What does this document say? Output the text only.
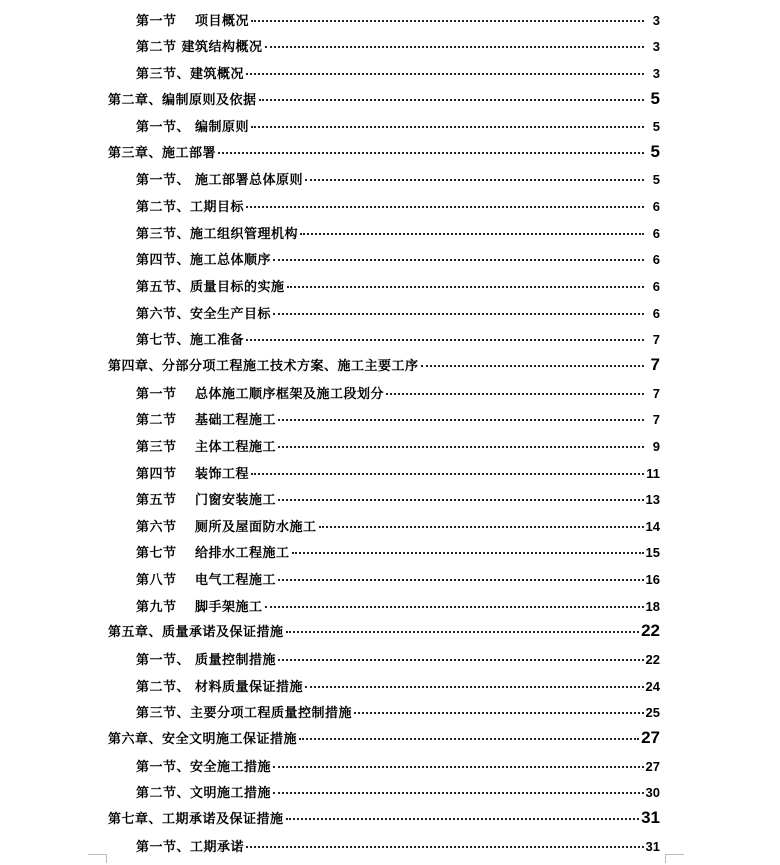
第一节　 项目概况	3
第二节 建筑结构概况	3
第三节、建筑概况	3
第二章、编制原则及依据	5
第一节、 编制原则	5
第三章、施工部署	5
第一节、 施工部署总体原则	5
第二节、工期目标	6
第三节、施工组织管理机构	6
第四节、施工总体顺序	6
第五节、质量目标的实施	6
第六节、安全生产目标	6
第七节、施工准备	7
第四章、分部分项工程施工技术方案、施工主要工序	7
第一节　 总体施工顺序框架及施工段划分	7
第二节　 基础工程施工	7
第三节　 主体工程施工	9
第四节　 装饰工程	11
第五节　 门窗安装施工	13
第六节　 厕所及屋面防水施工	14
第七节　 给排水工程施工	15
第八节　 电气工程施工	16
第九节　 脚手架施工	18
第五章、质量承诺及保证措施	22
第一节、 质量控制措施	22
第二节、 材料质量保证措施	24
第三节、主要分项工程质量控制措施	25
第六章、安全文明施工保证措施	27
第一节、安全施工措施	27
第二节、文明施工措施	30
第七章、工期承诺及保证措施	31
第一节、工期承诺	31
